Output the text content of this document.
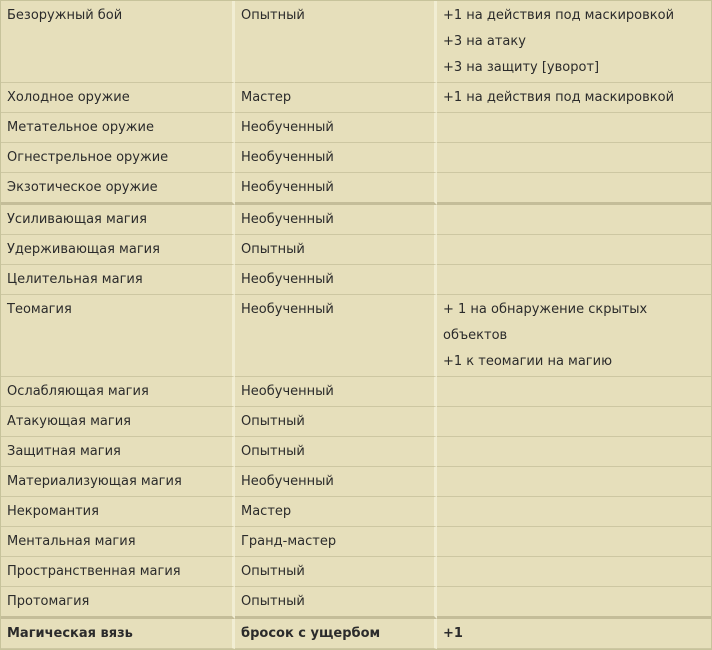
Безоружный бой	Опытный	+1 на действия под маскировкой
+3 на атаку
+3 на защиту [уворот]

Холодное оружие	Мастер	+1 на действия под маскировкой

Метательное оружие	Необученный	
Огнестрельное оружие	Необученный	
Экзотическое оружие	Необученный	
Усиливающая магия	Необученный	
Удерживающая магия	Опытный	
Целительная магия	Необученный	
Теомагия	Необученный	+ 1 на обнаружение скрытых объектов
+1 к теомагии на магию

Ослабляющая магия	Необученный	
Атакующая магия	Опытный	
Защитная магия	Опытный	
Материализующая магия	Необученный	
Некромантия	Мастер	
Ментальная магия	Гранд-мастер	
Пространственная магия	Опытный	
Протомагия	Опытный	
Магическая вязь	бросок с ущербом	+1
